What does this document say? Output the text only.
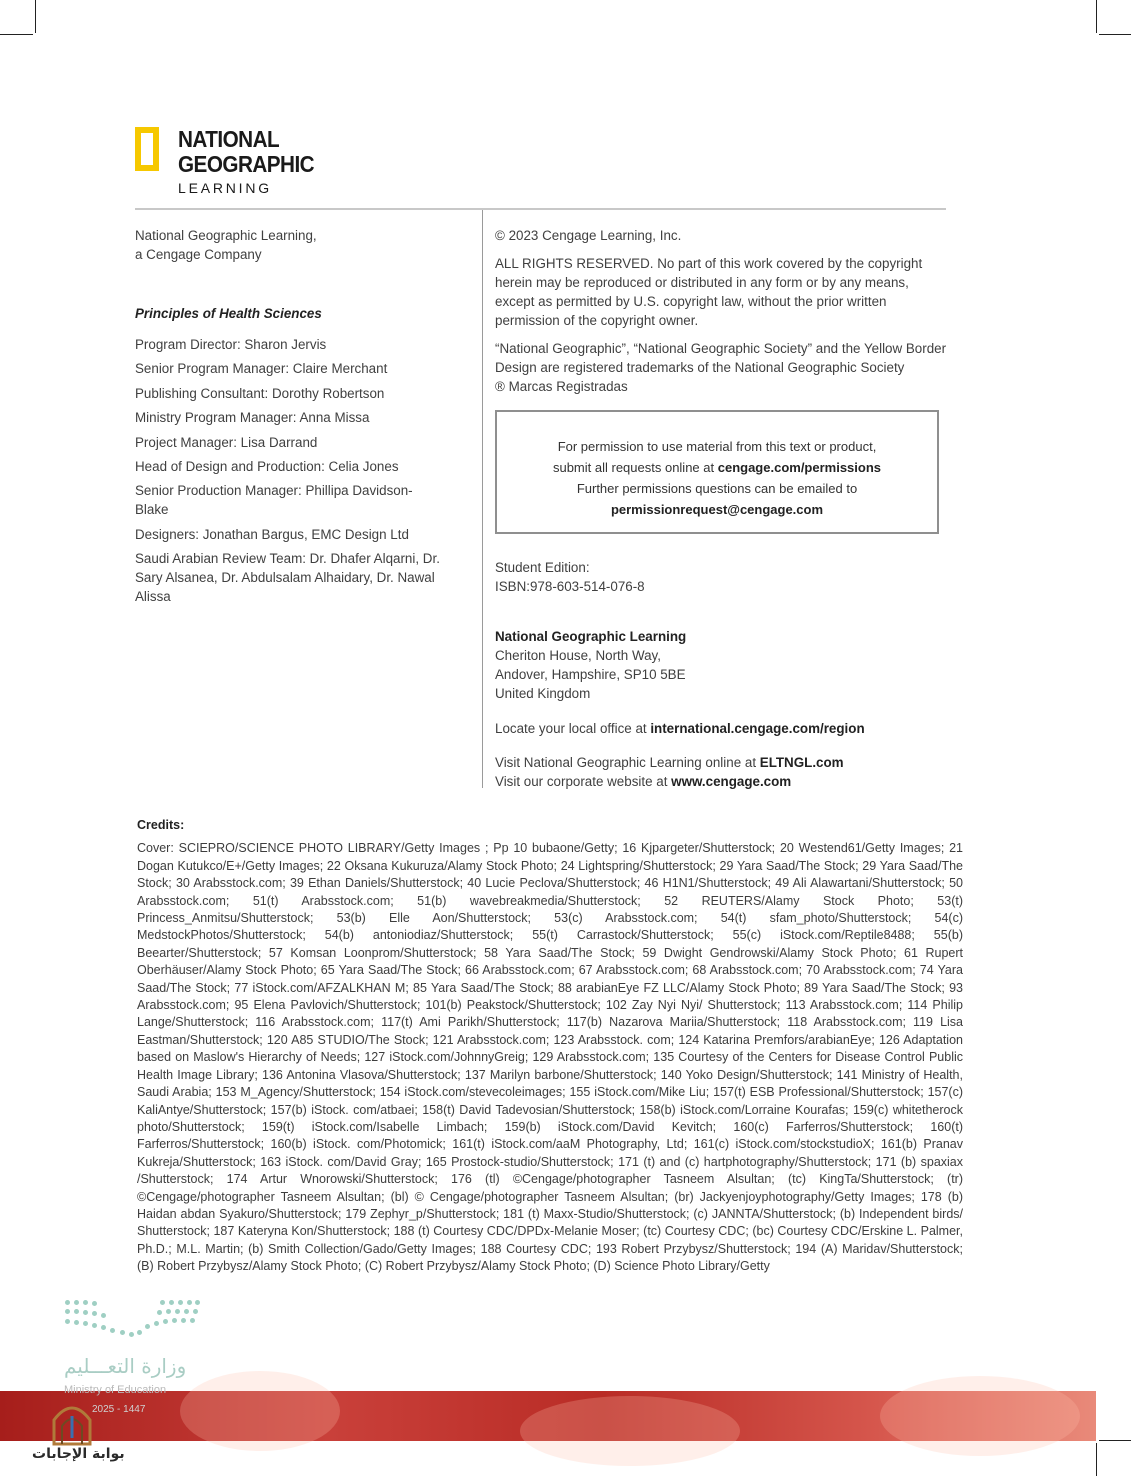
NATIONAL
GEOGRAPHIC
LEARNING

National Geographic Learning,

a Cengage Company

Principles of Health Sciences

Program Director: Sharon Jervis

Senior Program Manager: Claire Merchant

Publishing Consultant: Dorothy Robertson

Ministry Program Manager: Anna Missa

Project Manager: Lisa Darrand

Head of Design and Production: Celia Jones

Senior Production Manager: Phillipa Davidson-Blake

Designers: Jonathan Bargus, EMC Design Ltd

Saudi Arabian Review Team: Dr. Dhafer Alqarni, Dr. Sary Alsanea, Dr. Abdulsalam Alhaidary, Dr. Nawal Alissa

© 2023 Cengage Learning, Inc.

ALL RIGHTS RESERVED. No part of this work covered by the copyright herein may be reproduced or distributed in any form or by any means, except as permitted by U.S. copyright law, without the prior written permission of the copyright owner.

“National Geographic”, “National Geographic Society” and the Yellow Border Design are registered trademarks of the National Geographic Society

® Marcas Registradas

For permission to use material from this text or product,

submit all requests online at cengage.com/permissions

Further permissions questions can be emailed to

permissionrequest@cengage.com

Student Edition:

ISBN:978-603-514-076-8

National Geographic Learning

Cheriton House, North Way,

Andover, Hampshire, SP10 5BE

United Kingdom

Locate your local office at international.cengage.com/region

Visit National Geographic Learning online at ELTNGL.com

Visit our corporate website at www.cengage.com

Credits:
Cover: SCIEPRO/SCIENCE PHOTO LIBRARY/Getty Images ; Pp 10 bubaone/Getty; 16 Kjpargeter/Shutterstock; 20 Westend61/Getty Images; 21 Dogan Kutukco/E+/Getty Images; 22 Oksana Kukuruza/Alamy Stock Photo; 24 Lightspring/Shutterstock; 29 Yara Saad/The Stock; 29 Yara Saad/The Stock; 30 Arabsstock.com; 39 Ethan Daniels/Shutterstock; 40 Lucie Peclova/Shutterstock; 46 H1N1/Shutterstock; 49 Ali Alawartani/Shutterstock; 50 Arabsstock.com; 51(t) Arabsstock.com; 51(b) wavebreakmedia/Shutterstock; 52 REUTERS/Alamy Stock Photo; 53(t) Princess_Anmitsu/Shutterstock; 53(b) Elle Aon/Shutterstock; 53(c) Arabsstock.com; 54(t) sfam_photo/Shutterstock; 54(c) MedstockPhotos/Shutterstock; 54(b) antoniodiaz/Shutterstock; 55(t) Carrastock/Shutterstock; 55(c) iStock.com/Reptile8488; 55(b) Beearter/Shutterstock; 57 Komsan Loonprom/Shutterstock; 58 Yara Saad/The Stock; 59 Dwight Gendrowski/Alamy Stock Photo; 61 Rupert Oberhäuser/Alamy Stock Photo; 65 Yara Saad/The Stock; 66 Arabsstock.com; 67 Arabsstock.com; 68 Arabsstock.com; 70 Arabsstock.com; 74 Yara Saad/The Stock; 77 iStock.com/AFZALKHAN M; 85 Yara Saad/The Stock; 88 arabianEye FZ LLC/Alamy Stock Photo; 89 Yara Saad/The Stock; 93 Arabsstock.com; 95 Elena Pavlovich/Shutterstock; 101(b) Peakstock/Shutterstock; 102 Zay Nyi Nyi/ Shutterstock; 113 Arabsstock.com; 114 Philip Lange/Shutterstock; 116 Arabsstock.com; 117(t) Ami Parikh/Shutterstock; 117(b) Nazarova Mariia/Shutterstock; 118 Arabsstock.com; 119 Lisa Eastman/Shutterstock; 120 A85 STUDIO/The Stock; 121 Arabsstock.com; 123 Arabsstock. com; 124 Katarina Premfors/arabianEye; 126 Adaptation based on Maslow's Hierarchy of Needs; 127 iStock.com/JohnnyGreig; 129 Arabsstock.com; 135 Courtesy of the Centers for Disease Control Public Health Image Library; 136 Antonina Vlasova/Shutterstock; 137 Marilyn barbone/Shutterstock; 140 Yoko Design/Shutterstock; 141 Ministry of Health, Saudi Arabia; 153 M_Agency/Shutterstock; 154 iStock.com/stevecoleimages; 155 iStock.com/Mike Liu; 157(t) ESB Professional/Shutterstock; 157(c) KaliAntye/Shutterstock; 157(b) iStock. com/atbaei; 158(t) David Tadevosian/Shutterstock; 158(b) iStock.com/Lorraine Kourafas; 159(c) whitetherock photo/Shutterstock; 159(t) iStock.com/Isabelle Limbach; 159(b) iStock.com/David Kevitch; 160(c) Farferros/Shutterstock; 160(t) Farferros/Shutterstock; 160(b) iStock. com/Photomick; 161(t) iStock.com/aaM Photography, Ltd; 161(c) iStock.com/stockstudioX; 161(b) Pranav Kukreja/Shutterstock; 163 iStock. com/David Gray; 165 Prostock-studio/Shutterstock; 171 (t) and (c) hartphotography/Shutterstock; 171 (b) spaxiax /Shutterstock; 174 Artur Wnorowski/Shutterstock; 176 (tl) ©Cengage/photographer Tasneem Alsultan; (tc) KingTa/Shutterstock; (tr) ©Cengage/photographer Tasneem Alsultan; (bl) © Cengage/photographer Tasneem Alsultan; (br) Jackyenjoyphotography/Getty Images; 178 (b) Haidan abdan Syakuro/Shutterstock; 179 Zephyr_p/Shutterstock; 181 (t) Maxx-Studio/Shutterstock; (c) JANNTA/Shutterstock; (b) Independent birds/ Shutterstock; 187 Kateryna Kon/Shutterstock; 188 (t) Courtesy CDC/DPDx-Melanie Moser; (tc) Courtesy CDC; (bc) Courtesy CDC/Erskine L. Palmer, Ph.D.; M.L. Martin; (b) Smith Collection/Gado/Getty Images; 188 Courtesy CDC; 193 Robert Przybysz/Shutterstock; 194 (A) Maridav/Shutterstock; (B) Robert Przybysz/Alamy Stock Photo; (C) Robert Przybysz/Alamy Stock Photo; (D) Science Photo Library/Getty
وزارة التعـــليم
Ministry of Education
2025 - 1447
بوابة الإجابات
